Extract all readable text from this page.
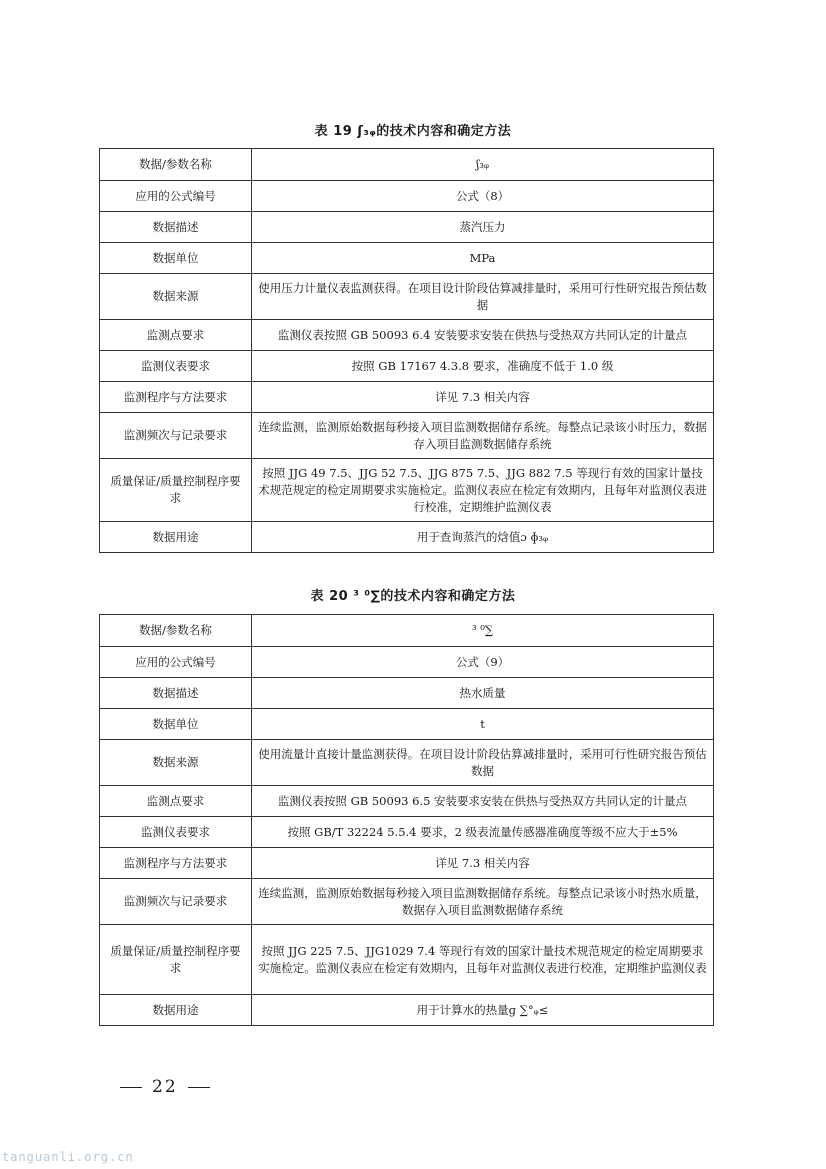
表 19 ʃ₃ᵩ的技术内容和确定方法
数据/参数名称	ʃ₃ᵩ
应用的公式编号	公式（8）
数据描述	蒸汽压力
数据单位	MPa
数据来源	使用压力计量仪表监测获得。在项目设计阶段估算减排量时，采用可行性研究报告预估数据
监测点要求	监测仪表按照 GB 50093 6.4 安装要求安装在供热与受热双方共同认定的计量点
监测仪表要求	按照 GB 17167 4.3.8 要求，准确度不低于 1.0 级
监测程序与方法要求	详见 7.3 相关内容
监测频次与记录要求	连续监测，监测原始数据每秒接入项目监测数据储存系统。每整点记录该小时压力，数据存入项目监测数据储存系统
质量保证/质量控制程序要求	按照 JJG 49 7.5、JJG 52 7.5、JJG 875 7.5、JJG 882 7.5 等现行有效的国家计量技术规范规定的检定周期要求实施检定。监测仪表应在检定有效期内，且每年对监测仪表进行校准，定期维护监测仪表
数据用途	用于查询蒸汽的焓值ɔ ɸ₃ᵩ
表 20 ³ ⁰∑的技术内容和确定方法
数据/参数名称	³ ⁰∑
应用的公式编号	公式（9）
数据描述	热水质量
数据单位	t
数据来源	使用流量计直接计量监测获得。在项目设计阶段估算减排量时，采用可行性研究报告预估数据
监测点要求	监测仪表按照 GB 50093 6.5 安装要求安装在供热与受热双方共同认定的计量点
监测仪表要求	按照 GB/T 32224 5.5.4 要求，2 级表流量传感器准确度等级不应大于±5%
监测程序与方法要求	详见 7.3 相关内容
监测频次与记录要求	连续监测，监测原始数据每秒接入项目监测数据储存系统。每整点记录该小时热水质量，数据存入项目监测数据储存系统
质量保证/质量控制程序要求	按照 JJG 225 7.5、JJG1029 7.4 等现行有效的国家计量技术规范规定的检定周期要求实施检定。监测仪表应在检定有效期内，且每年对监测仪表进行校准，定期维护监测仪表
数据用途	用于计算水的热量ɡ ∑°ᵩ≤
22
tanguanli.org.cn
